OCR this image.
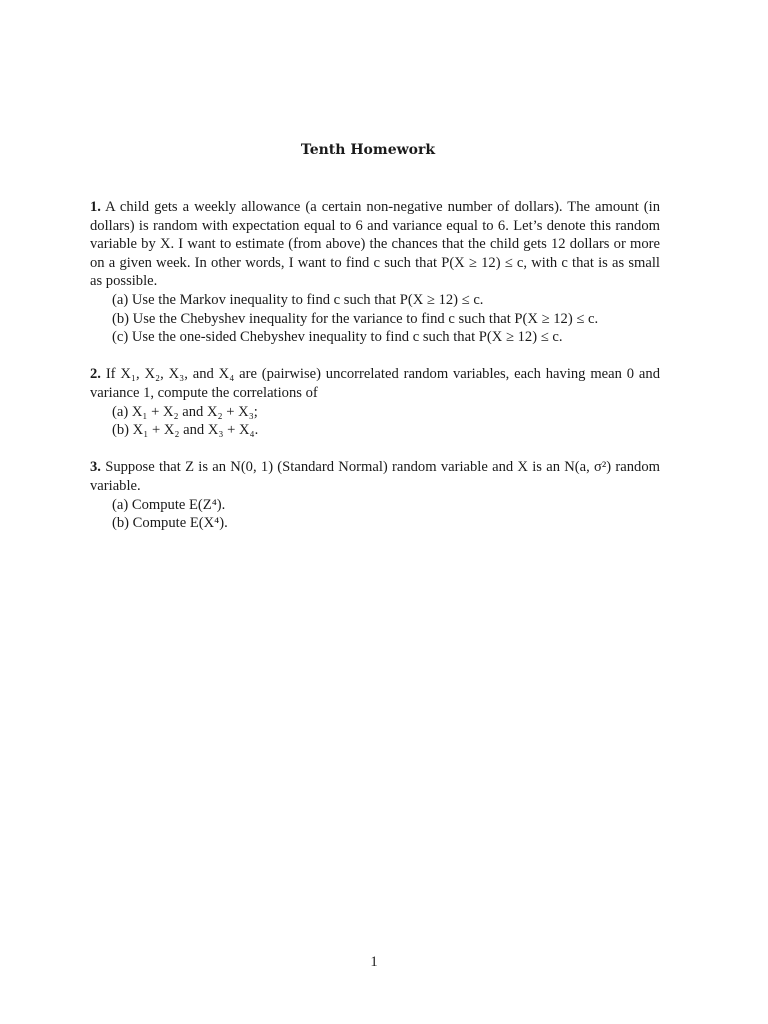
Tenth Homework

1. A child gets a weekly allowance (a certain non-negative number of dollars). The amount (in dollars) is random with expectation equal to 6 and variance equal to 6. Let’s denote this random variable by X. I want to estimate (from above) the chances that the child gets 12 dollars or more on a given week. In other words, I want to find c such that P(X ≥ 12) ≤ c, with c that is as small as possible.

(a) Use the Markov inequality to find c such that P(X ≥ 12) ≤ c.

(b) Use the Chebyshev inequality for the variance to find c such that P(X ≥ 12) ≤ c.

(c) Use the one-sided Chebyshev inequality to find c such that P(X ≥ 12) ≤ c.

2. If X₁, X₂, X₃, and X₄ are (pairwise) uncorrelated random variables, each having mean 0 and variance 1, compute the correlations of

(a) X₁ + X₂ and X₂ + X₃;

(b) X₁ + X₂ and X₃ + X₄.

3. Suppose that Z is an N(0, 1) (Standard Normal) random variable and X is an N(a, σ²) random variable.

(a) Compute E(Z⁴).

(b) Compute E(X⁴).

1
